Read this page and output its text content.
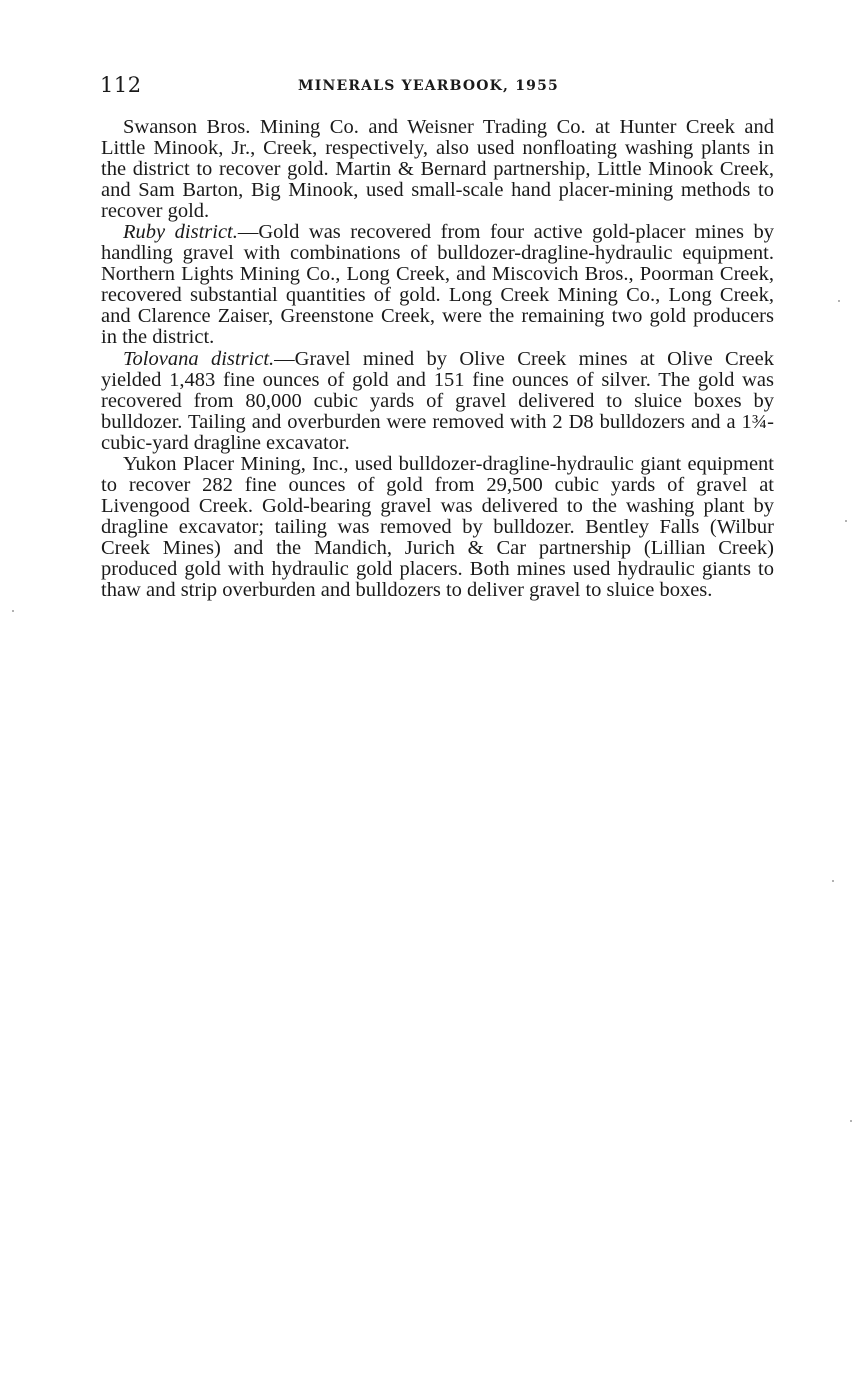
112	MINERALS YEARBOOK, 1955

Swanson Bros. Mining Co. and Weisner Trading Co. at Hunter Creek and Little Minook, Jr., Creek, respectively, also used nonfloating washing plants in the district to recover gold. Martin & Bernard partnership, Little Minook Creek, and Sam Barton, Big Minook, used small-scale hand placer-mining methods to recover gold.

Ruby district.—Gold was recovered from four active gold-placer mines by handling gravel with combinations of bulldozer-dragline-hydraulic equipment. Northern Lights Mining Co., Long Creek, and Miscovich Bros., Poorman Creek, recovered substantial quantities of gold. Long Creek Mining Co., Long Creek, and Clarence Zaiser, Greenstone Creek, were the remaining two gold producers in the district.

Tolovana district.—Gravel mined by Olive Creek mines at Olive Creek yielded 1,483 fine ounces of gold and 151 fine ounces of silver. The gold was recovered from 80,000 cubic yards of gravel delivered to sluice boxes by bulldozer. Tailing and overburden were removed with 2 D8 bulldozers and a 1¾-cubic-yard dragline excavator.

Yukon Placer Mining, Inc., used bulldozer-dragline-hydraulic giant equipment to recover 282 fine ounces of gold from 29,500 cubic yards of gravel at Livengood Creek. Gold-bearing gravel was delivered to the washing plant by dragline excavator; tailing was removed by bulldozer. Bentley Falls (Wilbur Creek Mines) and the Mandich, Jurich & Car partnership (Lillian Creek) produced gold with hydraulic gold placers. Both mines used hydraulic giants to thaw and strip overburden and bulldozers to deliver gravel to sluice boxes.
